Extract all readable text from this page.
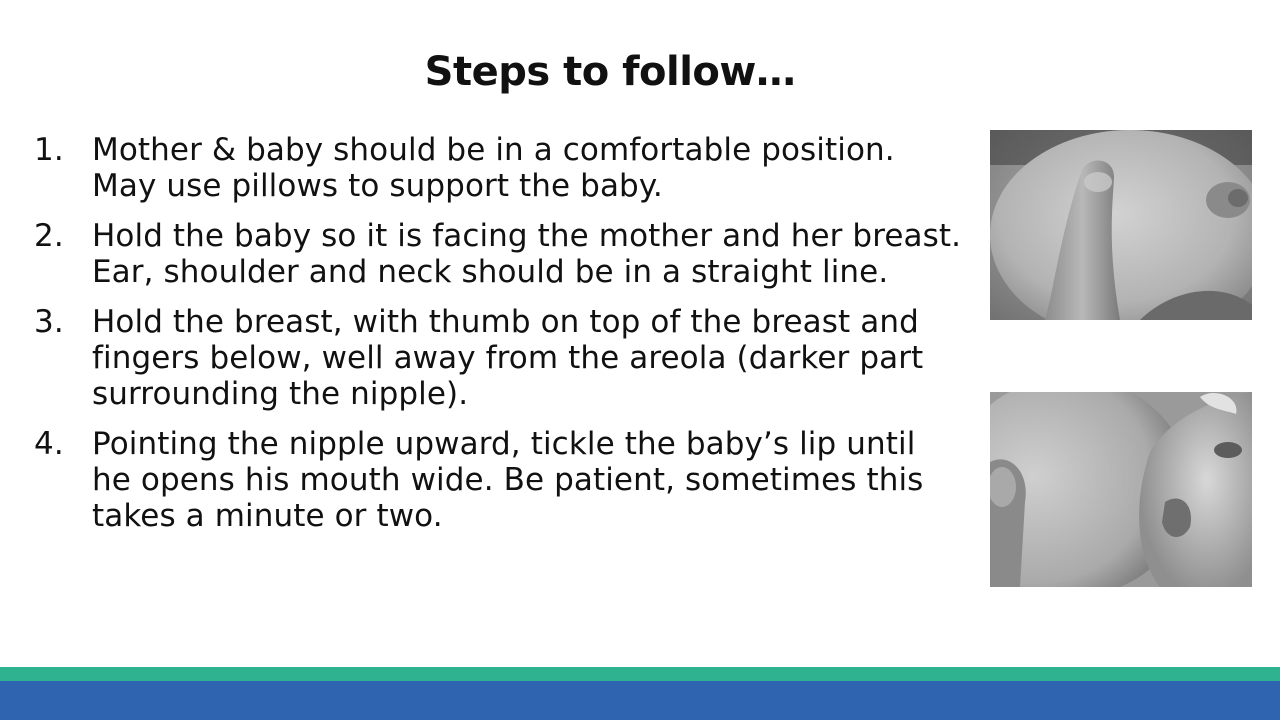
Steps to follow…
1. Mother & baby should be in a comfortable position. May use pillows to support the baby.
2. Hold the baby so it is facing the mother and her breast. Ear, shoulder and neck should be in a straight line.
3. Hold the breast, with thumb on top of the breast and fingers below, well away from the areola (darker part surrounding the nipple).
4. Pointing the nipple upward, tickle the baby’s lip until he opens his mouth wide. Be patient, sometimes this takes a minute or two.
